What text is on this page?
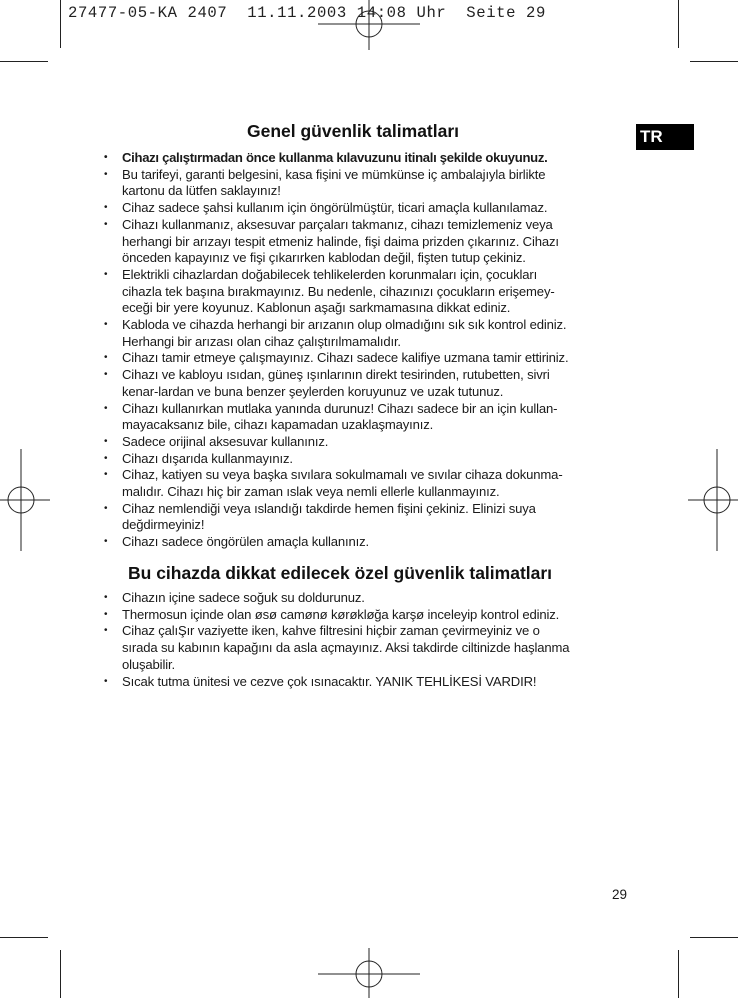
27477-05-KA 2407  11.11.2003 14:08 Uhr  Seite 29
TR
Genel güvenlik talimatları
• Cihazı çalıştırmadan önce kullanma kılavuzunu itinalı şekilde okuyunuz.
• Bu tarifeyi, garanti belgesini, kasa fişini ve mümkünse iç ambalajıyla birlikte
kartonu da lütfen saklayınız!
• Cihaz sadece şahsi kullanım için öngörülmüştür, ticari amaçla kullanılamaz.
• Cihazı kullanmanız, aksesuvar parçaları takmanız, cihazı temizlemeniz veya
herhangi bir arızayı tespit etmeniz halinde, fişi daima prizden çıkarınız. Cihazı
önceden kapayınız ve fişi çıkarırken kablodan değil, fişten tutup çekiniz.
• Elektrikli cihazlardan doğabilecek tehlikelerden korunmaları için, çocukları
cihazla tek başına bırakmayınız. Bu nedenle, cihazınızı çocukların erişemey-
eceği bir yere koyunuz. Kablonun aşağı sarkmamasına dikkat ediniz.
• Kabloda ve cihazda herhangi bir arızanın olup olmadığını sık sık kontrol ediniz.
Herhangi bir arızası olan cihaz çalıştırılmamalıdır.
• Cihazı tamir etmeye çalışmayınız. Cihazı sadece kalifiye uzmana tamir ettiriniz.
• Cihazı ve kabloyu ısıdan, güneş ışınlarının direkt tesirinden, rutubetten, sivri
kenar-lardan ve buna benzer şeylerden koruyunuz ve uzak tutunuz.
• Cihazı kullanırkan mutlaka yanında durunuz! Cihazı sadece bir an için kullan-
mayacaksanız bile, cihazı kapamadan uzaklaşmayınız.
• Sadece orijinal aksesuvar kullanınız.
• Cihazı dışarıda kullanmayınız.
• Cihaz, katiyen su veya başka sıvılara sokulmamalı ve sıvılar cihaza dokunma-
malıdır. Cihazı hiç bir zaman ıslak veya nemli ellerle kullanmayınız.
• Cihaz nemlendiği veya ıslandığı takdirde hemen fişini çekiniz. Elinizi suya
değdirmeyiniz!
• Cihazı sadece öngörülen amaçla kullanınız.
Bu cihazda dikkat edilecek özel güvenlik talimatları
• Cihazın içine sadece soğuk su doldurunuz.
• Thermosun içinde olan øsø camønø kørøkløğa karşø inceleyip kontrol ediniz.
• Cihaz çalıŞır vaziyette iken, kahve filtresini hiçbir zaman çevirmeyiniz ve o
sırada su kabının kapağını da asla açmayınız. Aksi takdirde ciltinizde haşlanma
oluşabilir.
• Sıcak tutma ünitesi ve cezve çok ısınacaktır. YANIK TEHLİKESİ VARDIR!
29
